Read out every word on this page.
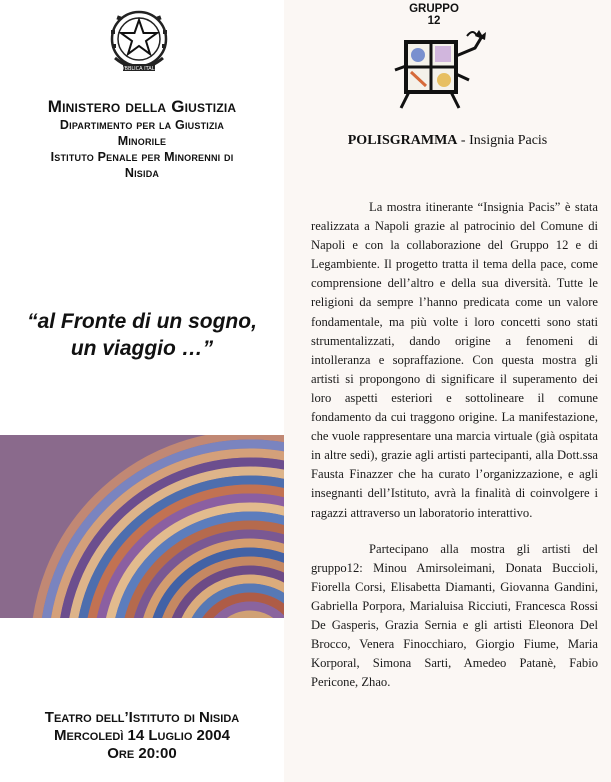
REPVBBLICA ITALIANA
Ministero della Giustizia
Dipartimento per la Giustizia
Minorile
Istituto Penale per Minorenni di
Nisida
“al Fronte di un sogno,
un viaggio …”
Teatro dell’Istituto di Nisida
Mercoledì 14 Luglio 2004
Ore 20:00
GRUPPO
12
POLISGRAMMA - Insignia Pacis

La mostra itinerante “Insignia Pacis” è stata realizzata a Napoli grazie al patrocinio del Comune di Napoli e con la collaborazione del Gruppo 12 e di Legambiente. Il progetto tratta il tema della pace, come comprensione dell’altro e della sua diversità. Tutte le religioni da sempre l’hanno predicata come un valore fondamentale, ma più volte i loro concetti sono stati strumentalizzati, dando origine a fenomeni di intolleranza e sopraffazione. Con questa mostra gli artisti si propongono di significare il superamento dei loro aspetti esteriori e sottolineare il comune fondamento da cui traggono origine. La manifestazione, che vuole rappresentare una marcia virtuale (già ospitata in altre sedi), grazie agli artisti partecipanti, alla Dott.ssa Fausta Finazzer che ha curato l’organizzazione, e agli insegnanti dell’Istituto, avrà la finalità di coinvolgere i ragazzi attraverso un laboratorio interattivo.

Partecipano alla mostra gli artisti del gruppo12: Minou Amirsoleimani, Donata Buccioli, Fiorella Corsi, Elisabetta Diamanti, Giovanna Gandini, Gabriella Porpora, Marialuisa Ricciuti, Francesca Rossi De Gasperis, Grazia Sernia e gli artisti Eleonora Del Brocco, Venera Finocchiaro, Giorgio Fiume, Maria Korporal, Simona Sarti, Amedeo Patanè, Fabio Pericone, Zhao.
